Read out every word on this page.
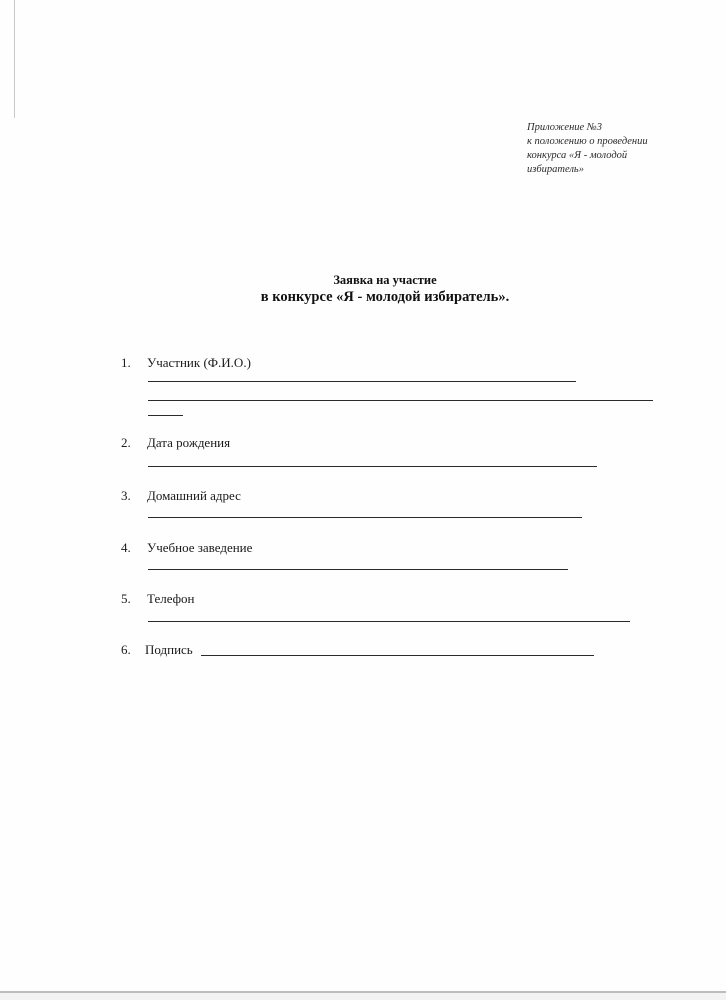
Приложение №3
к положению о проведении
конкурса «Я - молодой
избиратель»
Заявка на участие
в конкурсе «Я - молодой избиратель».
1. Участник (Ф.И.О.)
2. Дата рождения
3. Домашний адрес
4. Учебное заведение
5. Телефон
6. Подпись
